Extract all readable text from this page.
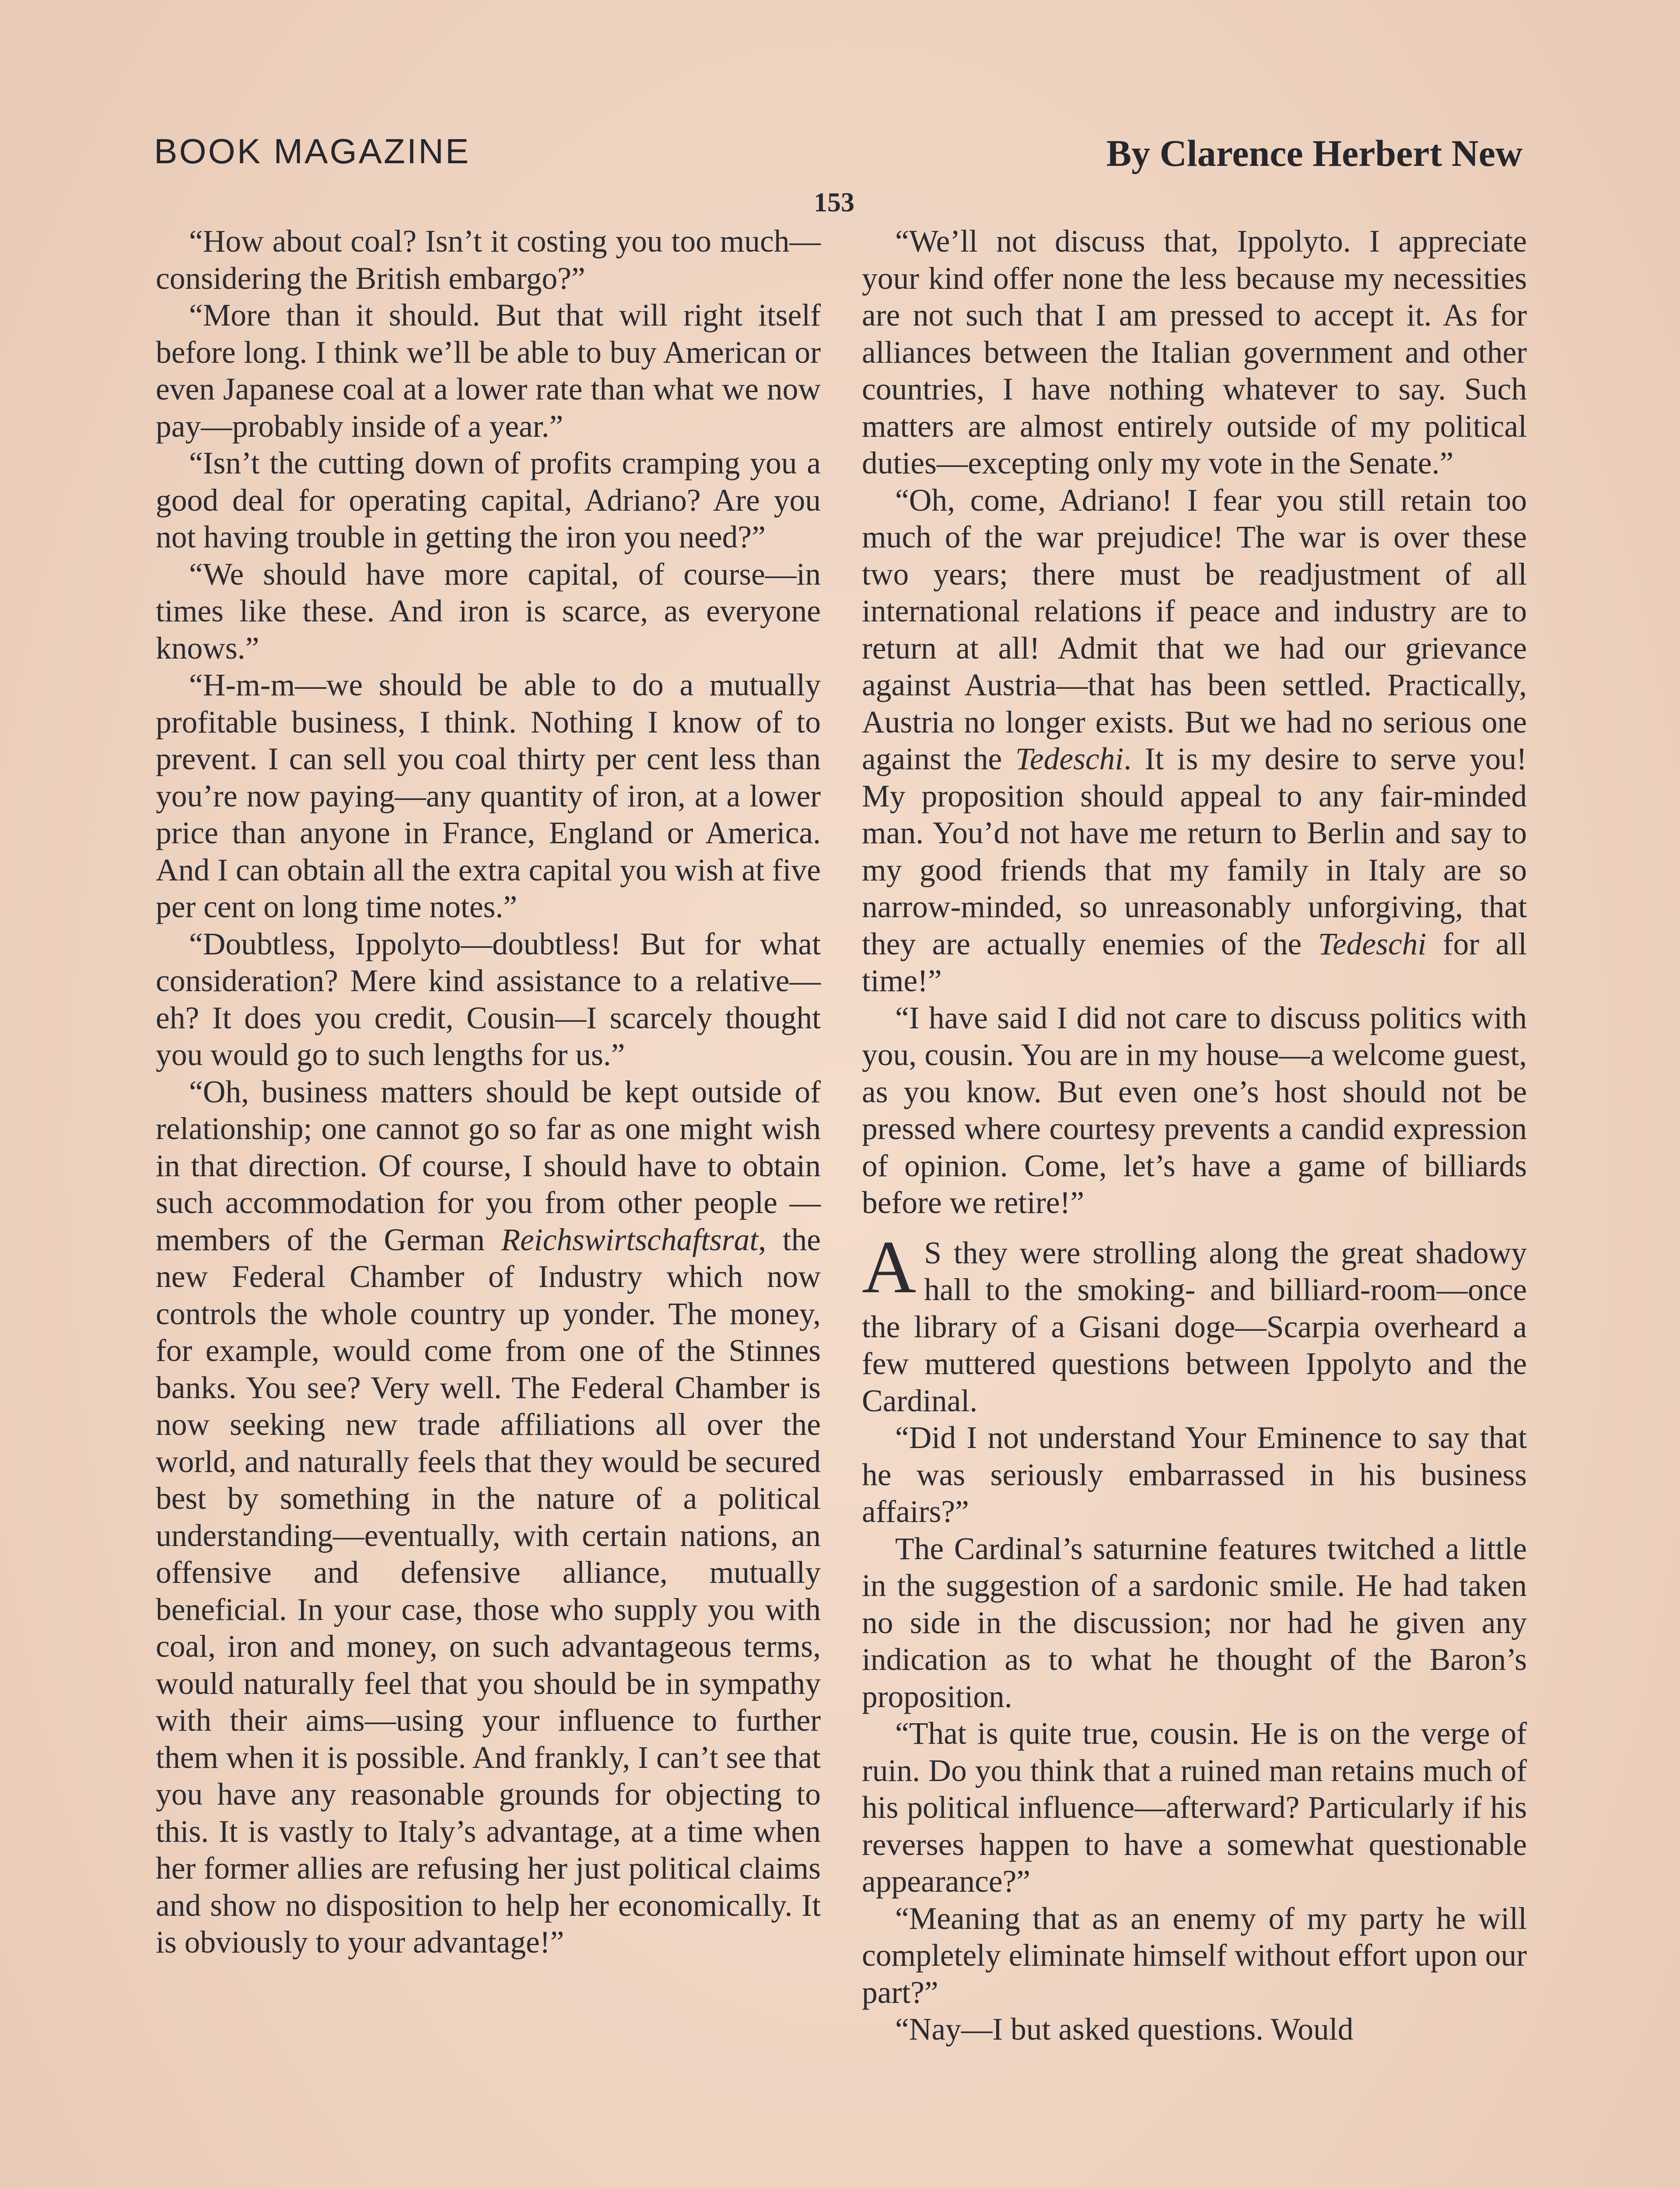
BOOK MAGAZINE	By Clarence Herbert New
153

“How about coal? Isn’t it costing you too much—considering the British embargo?”

“More than it should. But that will right itself before long. I think we’ll be able to buy American or even Japanese coal at a lower rate than what we now pay—probably inside of a year.”

“Isn’t the cutting down of profits cramping you a good deal for operating capital, Adriano? Are you not having trouble in getting the iron you need?”

“We should have more capital, of course—in times like these. And iron is scarce, as everyone knows.”

“H-m-m—we should be able to do a mutually profitable business, I think. Nothing I know of to prevent. I can sell you coal thirty per cent less than you’re now paying—any quantity of iron, at a lower price than anyone in France, England or America. And I can obtain all the extra capital you wish at five per cent on long time notes.”

“Doubtless, Ippolyto—doubtless! But for what consideration? Mere kind assistance to a relative—eh? It does you credit, Cousin—I scarcely thought you would go to such lengths for us.”

“Oh, business matters should be kept outside of relationship; one cannot go so far as one might wish in that direction. Of course, I should have to obtain such accommodation for you from other people —members of the German Reichswirtschaftsrat, the new Federal Chamber of Industry which now controls the whole country up yonder. The money, for example, would come from one of the Stinnes banks. You see? Very well. The Federal Chamber is now seeking new trade affiliations all over the world, and naturally feels that they would be secured best by something in the nature of a political understanding—eventually, with certain nations, an offensive and defensive alliance, mutually beneficial. In your case, those who supply you with coal, iron and money, on such advantageous terms, would naturally feel that you should be in sympathy with their aims—using your influence to further them when it is possible. And frankly, I can’t see that you have any reasonable grounds for objecting to this. It is vastly to Italy’s advantage, at a time when her former allies are refusing her just political claims and show no disposition to help her economically. It is obviously to your advantage!”

“We’ll not discuss that, Ippolyto. I appreciate your kind offer none the less because my necessities are not such that I am pressed to accept it. As for alliances between the Italian government and other countries, I have nothing whatever to say. Such matters are almost entirely outside of my political duties—excepting only my vote in the Senate.”

“Oh, come, Adriano! I fear you still retain too much of the war prejudice! The war is over these two years; there must be readjustment of all international relations if peace and industry are to return at all! Admit that we had our grievance against Austria—that has been settled. Practically, Austria no longer exists. But we had no serious one against the Tedeschi. It is my desire to serve you! My proposition should appeal to any fair-minded man. You’d not have me return to Berlin and say to my good friends that my family in Italy are so narrow-minded, so unreasonably unforgiving, that they are actually enemies of the Tedeschi for all time!”

“I have said I did not care to discuss politics with you, cousin. You are in my house—a welcome guest, as you know. But even one’s host should not be pressed where courtesy prevents a candid expression of opinion. Come, let’s have a game of billiards before we retire!”

A S they were strolling along the great shadowy hall to the smoking- and billiard-room—once the library of a Gisani doge—Scarpia overheard a few muttered questions between Ippolyto and the Cardinal.

“Did I not understand Your Eminence to say that he was seriously embarrassed in his business affairs?”

The Cardinal’s saturnine features twitched a little in the suggestion of a sardonic smile. He had taken no side in the discussion; nor had he given any indication as to what he thought of the Baron’s proposition.

“That is quite true, cousin. He is on the verge of ruin. Do you think that a ruined man retains much of his political influence—afterward? Particularly if his reverses happen to have a somewhat questionable appearance?”

“Meaning that as an enemy of my party he will completely eliminate himself without effort upon our part?”

“Nay—I but asked questions. Would
